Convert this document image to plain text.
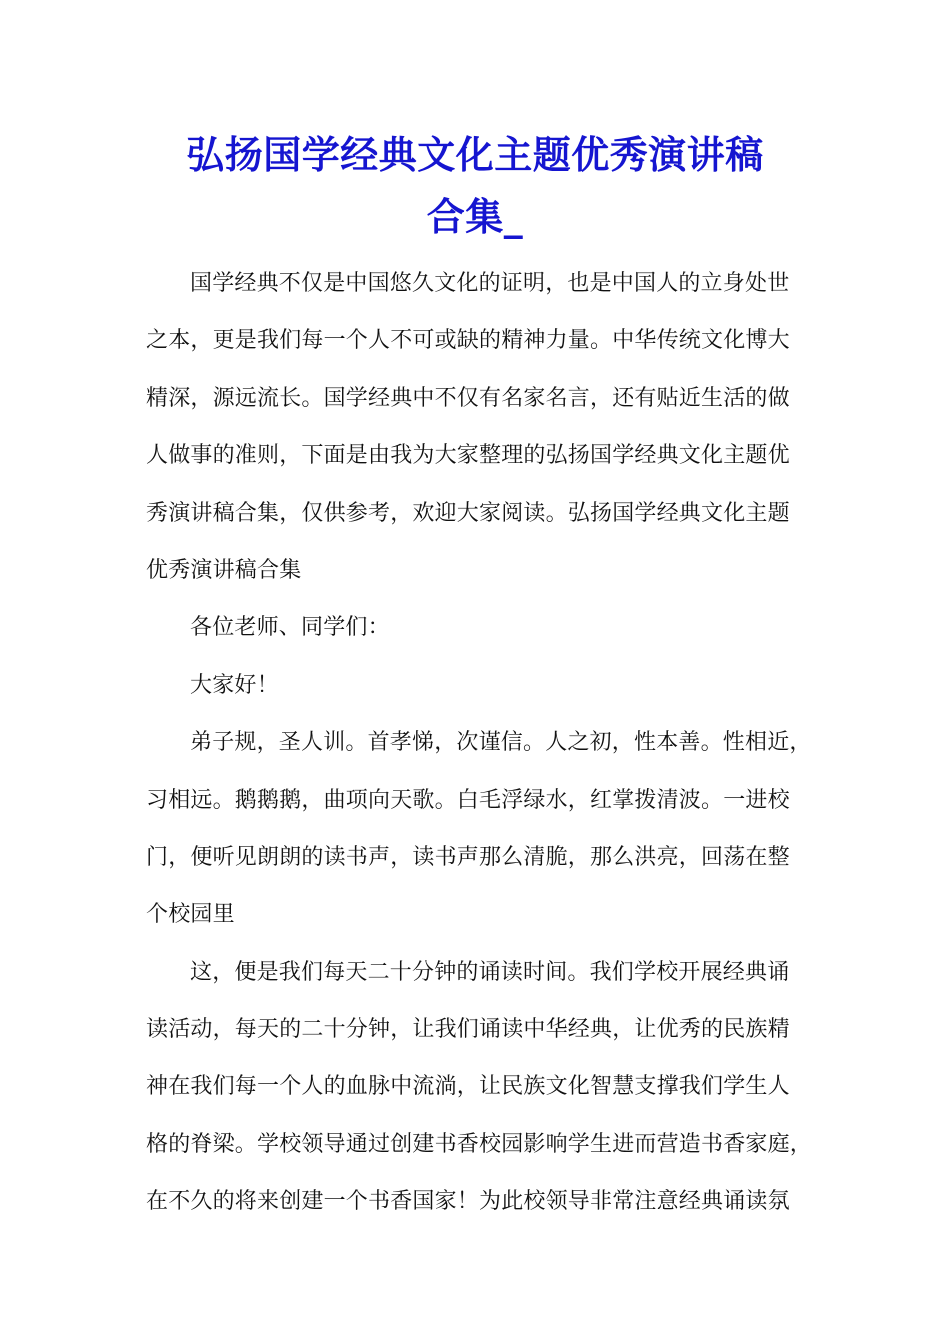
弘扬国学经典文化主题优秀演讲稿
合集_
国学经典不仅是中国悠久文化的证明，也是中国人的立身处世
之本，更是我们每一个人不可或缺的精神力量。中华传统文化博大
精深，源远流长。国学经典中不仅有名家名言，还有贴近生活的做
人做事的准则，下面是由我为大家整理的弘扬国学经典文化主题优
秀演讲稿合集，仅供参考，欢迎大家阅读。弘扬国学经典文化主题
优秀演讲稿合集
各位老师、同学们：
大家好！
弟子规，圣人训。首孝悌，次谨信。人之初，性本善。性相近，
习相远。鹅鹅鹅，曲项向天歌。白毛浮绿水，红掌拨清波。一进校
门，便听见朗朗的读书声，读书声那么清脆，那么洪亮，回荡在整
个校园里
这，便是我们每天二十分钟的诵读时间。我们学校开展经典诵
读活动，每天的二十分钟，让我们诵读中华经典，让优秀的民族精
神在我们每一个人的血脉中流淌，让民族文化智慧支撑我们学生人
格的脊梁。学校领导通过创建书香校园影响学生进而营造书香家庭，
在不久的将来创建一个书香国家！为此校领导非常注意经典诵读氛
